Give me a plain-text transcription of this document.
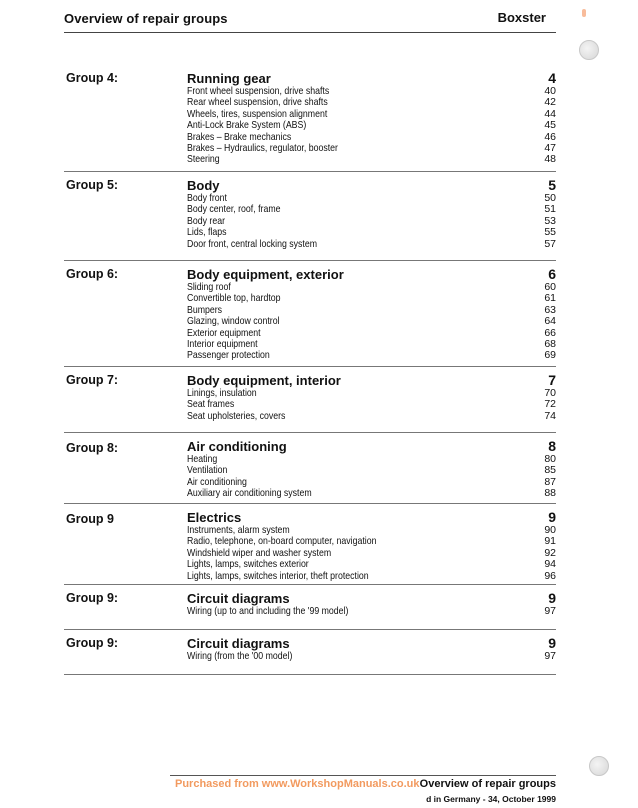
Overview of repair groups	Boxster
Group 4:	Running gear	4
Front wheel suspension, drive shafts	40
Rear wheel suspension, drive shafts	42
Wheels, tires, suspension alignment	44
Anti-Lock Brake System (ABS)	45
Brakes – Brake mechanics	46
Brakes – Hydraulics, regulator, booster	47
Steering	48
Group 5:	Body	5
Body front	50
Body center, roof, frame	51
Body rear	53
Lids, flaps	55
Door front, central locking system	57
Group 6:	Body equipment, exterior	6
Sliding roof	60
Convertible top, hardtop	61
Bumpers	63
Glazing, window control	64
Exterior equipment	66
Interior equipment	68
Passenger protection	69
Group 7:	Body equipment, interior	7
Linings, insulation	70
Seat frames	72
Seat upholsteries, covers	74
Group 8:	Air conditioning	8
Heating	80
Ventilation	85
Air conditioning	87
Auxiliary air conditioning system	88
Group 9	Electrics	9
Instruments, alarm system	90
Radio, telephone, on-board computer, navigation	91
Windshield wiper and washer system	92
Lights, lamps, switches exterior	94
Lights, lamps, switches interior, theft protection	96
Group 9:	Circuit diagrams	9
Wiring (up to and including the '99 model)	97
Group 9:	Circuit diagrams	9
Wiring (from the '00 model)	97
Purchased from www.WorkshopManuals.co.uk Overview of repair groups
d in Germany - 34, October 1999
